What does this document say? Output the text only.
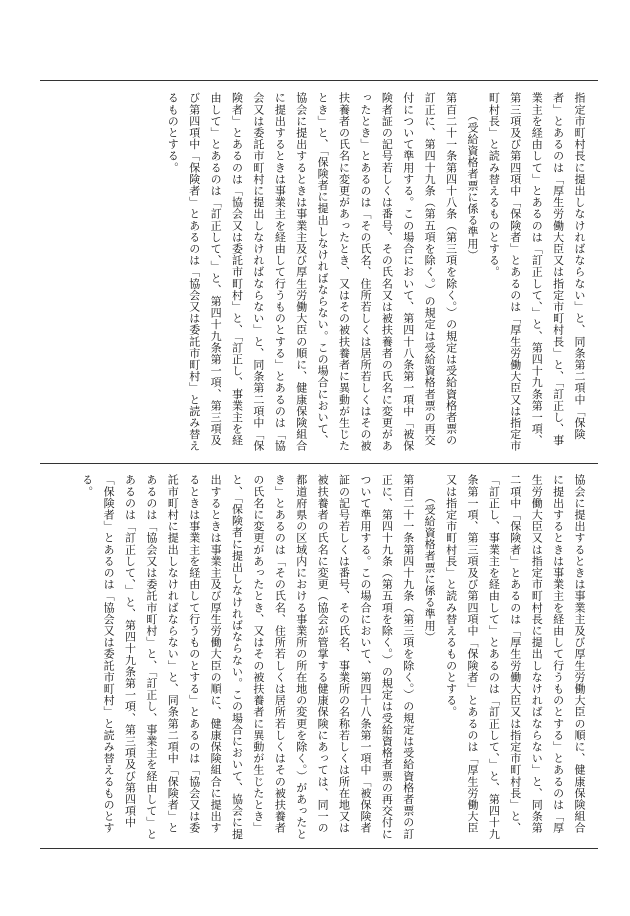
指定市町村長に提出しなければならない」と、同条第二項中「保険者」とあるのは「厚生労働大臣又は指定市町村長」と、「訂正し、事業主を経由して」とあるのは「訂正して、」と、第四十九条第一項、第三項及び第四項中「保険者」とあるのは「厚生労働大臣又は指定市町村長」と読み替えるものとする。

（受給資格者票に係る準用）

第百二十一条第四十八条（第三項を除く。）の規定は受給資格者票の訂正に、第四十九条（第五項を除く。）の規定は受給資格者票の再交付について準用する。この場合において、第四十八条第一項中「被保険者証の記号若しくは番号、その氏名又は被扶養者の氏名に変更があったとき」とあるのは「その氏名、住所若しくは居所若しくはその被扶養者の氏名に変更があったとき、又はその被扶養者に異動が生じたとき」と、「保険者に提出しなければならない。この場合において、協会に提出するときは事業主及び厚生労働大臣の順に、健康保険組合に提出するときは事業主を経由して行うものとする」とあるのは「協会又は委託市町村に提出しなければならない」と、同条第二項中「保険者」とあるのは「協会又は委託市町村」と、「訂正し、事業主を経由して」とあるのは「訂正して、」と、第四十九条第一項、第三項及び第四項中「保険者」とあるのは「協会又は委託市町村」と読み替えるものとする。

協会に提出するときは事業主及び厚生労働大臣の順に、健康保険組合に提出するときは事業主を経由して行うものとする」とあるのは「厚生労働大臣又は指定市町村長に提出しなければならない」と、同条第二項中「保険者」とあるのは「厚生労働大臣又は指定市町村長」と、「訂正し、事業主を経由して」とあるのは「訂正して、」と、第四十九条第一項、第三項及び第四項中「保険者」とあるのは「厚生労働大臣又は指定市町村長」と読み替えるものとする。

（受給資格者票に係る準用）

第百二十一条第四十九条（第三項を除く。）の規定は受給資格者票の訂正に、第四十九条（第五項を除く。）の規定は受給資格者票の再交付について準用する。この場合において、第四十八条第一項中「被保険者証の記号若しくは番号、その氏名、事業所の名称若しくは所在地又は被扶養者の氏名に変更（協会が管掌する健康保険にあっては、同一の都道府県の区域内における事業所の所在地の変更を除く。）があったとき」とあるのは「その氏名、住所若しくは居所若しくはその被扶養者の氏名に変更があったとき、又はその被扶養者に異動が生じたとき」と、「保険者に提出しなければならない。この場合において、協会に提出するときは事業主及び厚生労働大臣の順に、健康保険組合に提出するときは事業主を経由して行うものとする」とあるのは「協会又は委託市町村に提出しなければならない」と、同条第二項中「保険者」とあるのは「協会又は委託市町村」と、「訂正し、事業主を経由して」とあるのは「訂正して、」と、第四十九条第一項、第三項及び第四項中「保険者」とあるのは「協会又は委託市町村」と読み替えるものとする。
